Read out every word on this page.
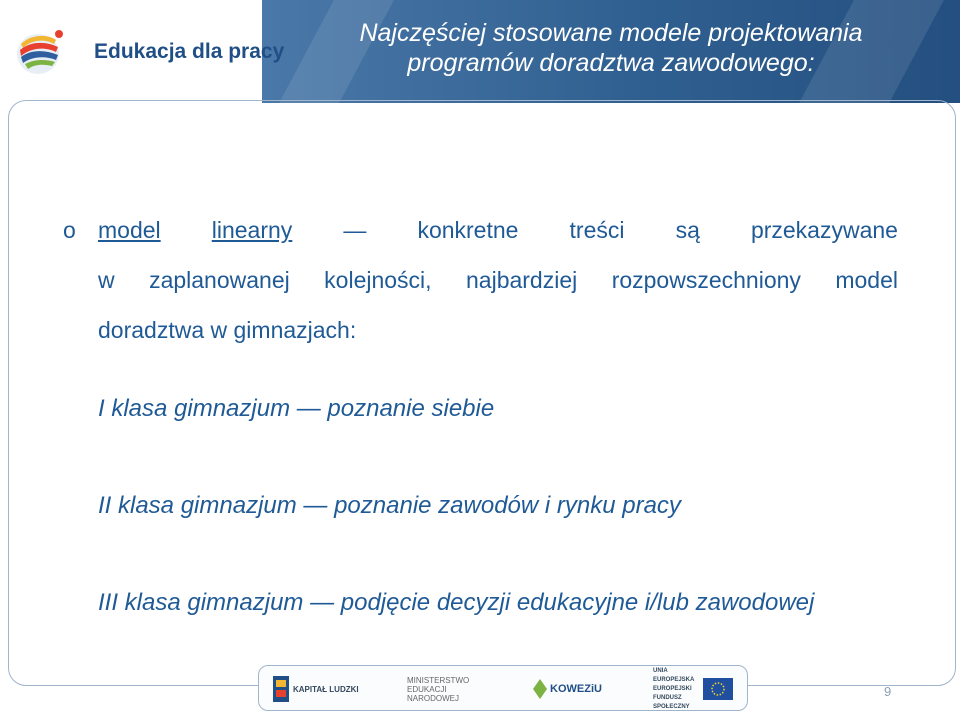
Najczęściej stosowane modele projektowania
programów doradztwa zawodowego:
Edukacja dla pracy
o model linearny — konkretne treści są przekazywane
w zaplanowanej kolejności, najbardziej rozpowszechniony model
doradztwa w gimnazjach:
I klasa gimnazjum — poznanie siebie
II klasa gimnazjum — poznanie zawodów i rynku pracy
III klasa gimnazjum — podjęcie decyzji edukacyjne i/lub zawodowej
KAPITAŁ LUDZKI
MINISTERSTWO EDUKACJI NARODOWEJ
KOWEZiU
UNIA EUROPEJSKA EUROPEJSKI FUNDUSZ SPOŁECZNY
9
